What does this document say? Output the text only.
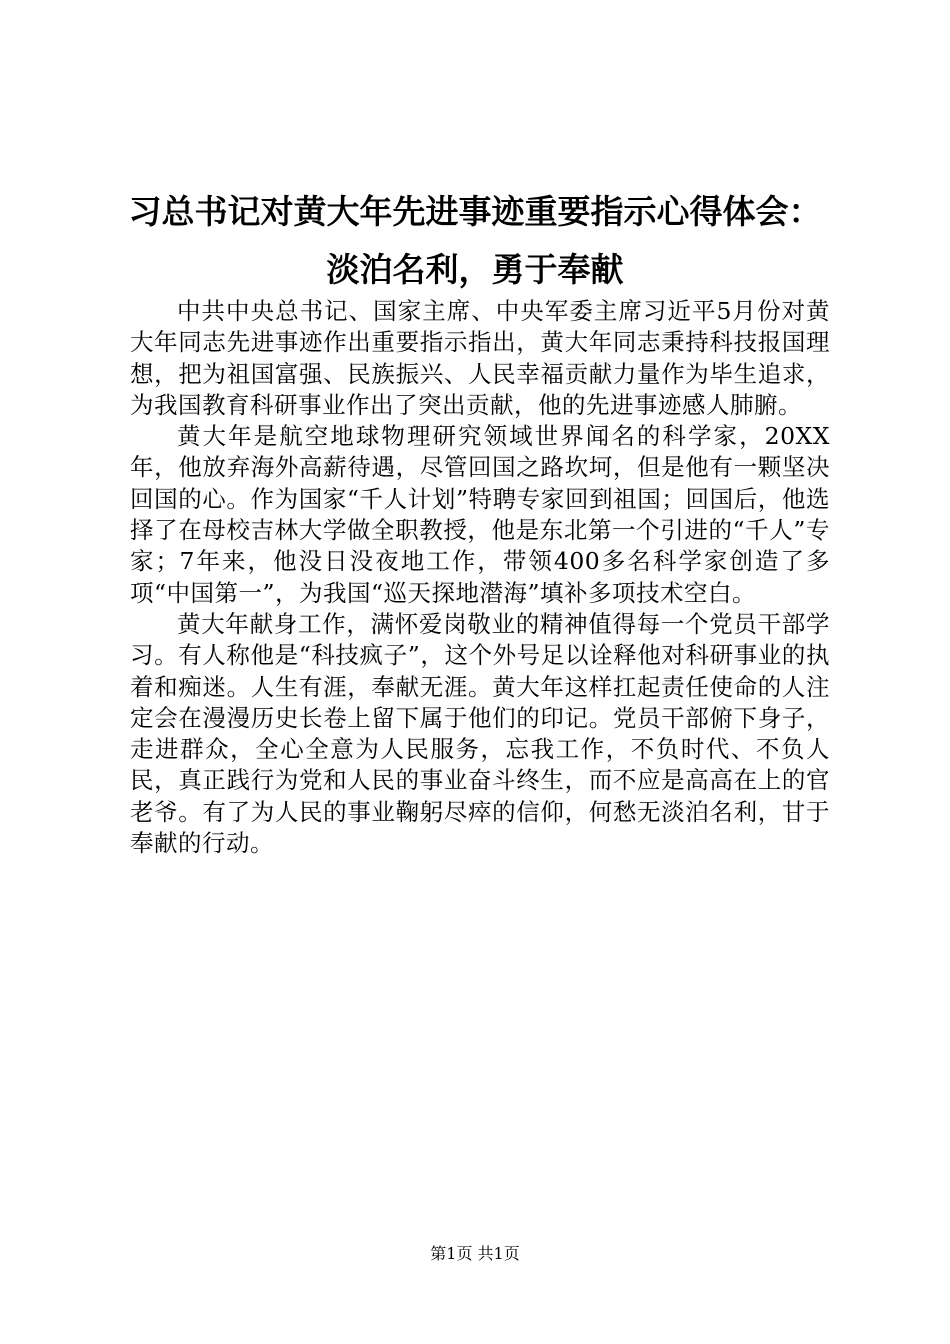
习总书记对黄大年先进事迹重要指示心得体会：
淡泊名利，勇于奉献

中共中央总书记、国家主席、中央军委主席习近平5月份对黄大年同志先进事迹作出重要指示指出，黄大年同志秉持科技报国理想，把为祖国富强、民族振兴、人民幸福贡献力量作为毕生追求，为我国教育科研事业作出了突出贡献，他的先进事迹感人肺腑。

黄大年是航空地球物理研究领域世界闻名的科学家，20XX年，他放弃海外高薪待遇，尽管回国之路坎坷，但是他有一颗坚决回国的心。作为国家“千人计划”特聘专家回到祖国；回国后，他选择了在母校吉林大学做全职教授，他是东北第一个引进的“千人”专家；7年来，他没日没夜地工作，带领400多名科学家创造了多项“中国第一”，为我国“巡天探地潜海”填补多项技术空白。

黄大年献身工作，满怀爱岗敬业的精神值得每一个党员干部学习。有人称他是“科技疯子”，这个外号足以诠释他对科研事业的执着和痴迷。人生有涯，奉献无涯。黄大年这样扛起责任使命的人注定会在漫漫历史长卷上留下属于他们的印记。党员干部俯下身子，走进群众，全心全意为人民服务，忘我工作，不负时代、不负人民，真正践行为党和人民的事业奋斗终生，而不应是高高在上的官老爷。有了为人民的事业鞠躬尽瘁的信仰，何愁无淡泊名利，甘于奉献的行动。

第1页 共1页
